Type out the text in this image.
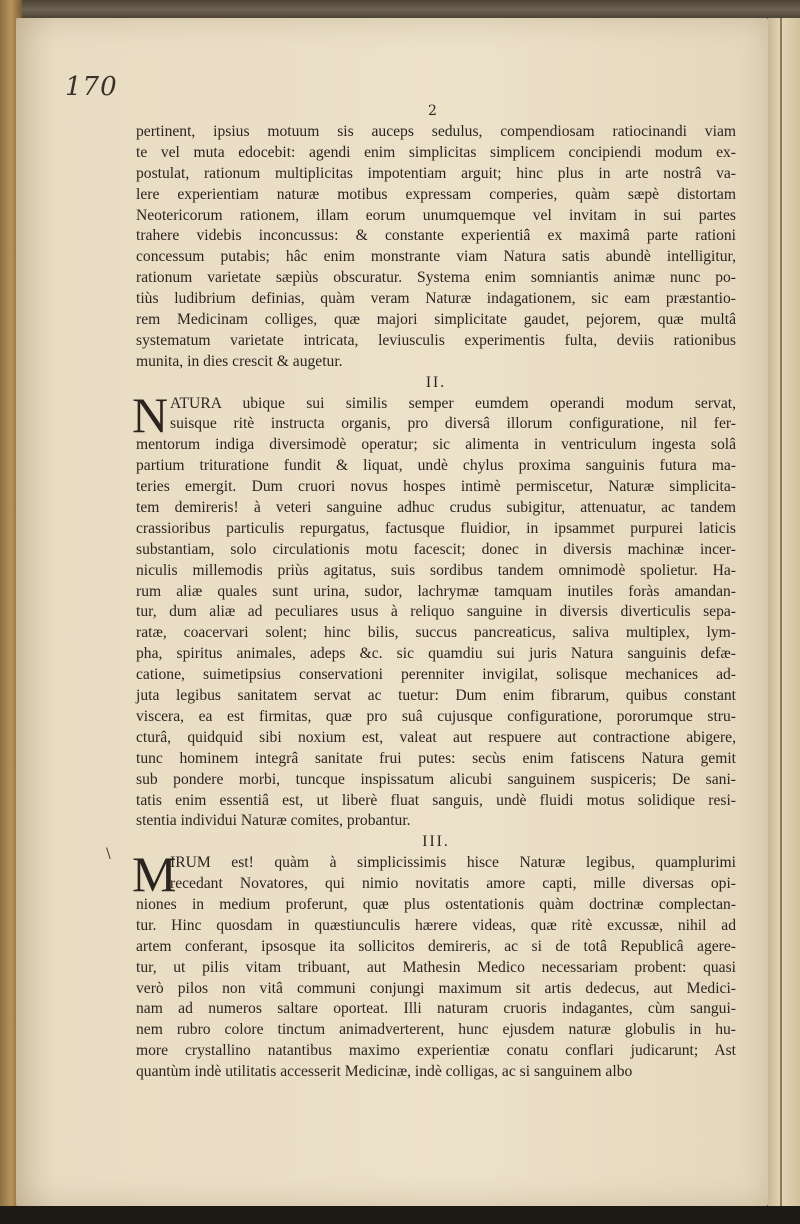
170
2
\
pertinent, ipsius motuum sis auceps sedulus, compendiosam ratiocinandi viam
te vel muta edocebit: agendi enim simplicitas simplicem concipiendi modum ex-
postulat, rationum multiplicitas impotentiam arguit; hinc plus in arte nostrâ va-
lere experientiam naturæ motibus expressam comperies, quàm sæpè distortam
Neotericorum rationem, illam eorum unumquemque vel invitam in sui partes
trahere videbis inconcussus: & constante experientiâ ex maximâ parte rationi
concessum putabis; hâc enim monstrante viam Natura satis abundè intelligitur,
rationum varietate sæpiùs obscuratur. Systema enim somniantis animæ nunc po-
tiùs ludibrium definias, quàm veram Naturæ indagationem, sic eam præstantio-
rem Medicinam colliges, quæ majori simplicitate gaudet, pejorem, quæ multâ
systematum varietate intricata, leviusculis experimentis fulta, deviis rationibus
munita, in dies crescit & augetur.
II.
N ATURA ubique sui similis semper eumdem operandi modum servat,
suisque ritè instructa organis, pro diversâ illorum configuratione, nil fer-
mentorum indiga diversimodè operatur; sic alimenta in ventriculum ingesta solâ
partium trituratione fundit & liquat, undè chylus proxima sanguinis futura ma-
teries emergit. Dum cruori novus hospes intimè permiscetur, Naturæ simplicita-
tem demireris! à veteri sanguine adhuc crudus subigitur, attenuatur, ac tandem
crassioribus particulis repurgatus, factusque fluidior, in ipsammet purpurei laticis
substantiam, solo circulationis motu facescit; donec in diversis machinæ incer-
niculis millemodis priùs agitatus, suis sordibus tandem omnimodè spolietur. Ha-
rum aliæ quales sunt urina, sudor, lachrymæ tamquam inutiles foràs amandan-
tur, dum aliæ ad peculiares usus à reliquo sanguine in diversis diverticulis sepa-
ratæ, coacervari solent; hinc bilis, succus pancreaticus, saliva multiplex, lym-
pha, spiritus animales, adeps &c. sic quamdiu sui juris Natura sanguinis defæ-
catione, suimetipsius conservationi perenniter invigilat, solisque mechanices ad-
juta legibus sanitatem servat ac tuetur: Dum enim fibrarum, quibus constant
viscera, ea est firmitas, quæ pro suâ cujusque configuratione, pororumque stru-
cturâ, quidquid sibi noxium est, valeat aut respuere aut contractione abigere,
tunc hominem integrâ sanitate frui putes: secùs enim fatiscens Natura gemit
sub pondere morbi, tuncque inspissatum alicubi sanguinem suspiceris; De sani-
tatis enim essentiâ est, ut liberè fluat sanguis, undè fluidi motus solidique resi-
stentia individui Naturæ comites, probantur.
III.
M
IRUM est! quàm à simplicissimis hisce Naturæ legibus, quamplurimi
recedant Novatores, qui nimio novitatis amore capti, mille diversas opi-
niones in medium proferunt, quæ plus ostentationis quàm doctrinæ complectan-
tur. Hinc quosdam in quæstiunculis hærere videas, quæ ritè excussæ, nihil ad
artem conferant, ipsosque ita sollicitos demireris, ac si de totâ Republicâ agere-
tur, ut pilis vitam tribuant, aut Mathesin Medico necessariam probent: quasi
verò pilos non vitâ communi conjungi maximum sit artis dedecus, aut Medici-
nam ad numeros saltare oporteat. Illi naturam cruoris indagantes, cùm sangui-
nem rubro colore tinctum animadverterent, hunc ejusdem naturæ globulis in hu-
more crystallino natantibus maximo experientiæ conatu conflari judicarunt; Ast
quantùm indè utilitatis accesserit Medicinæ, indè colligas, ac si sanguinem albo
